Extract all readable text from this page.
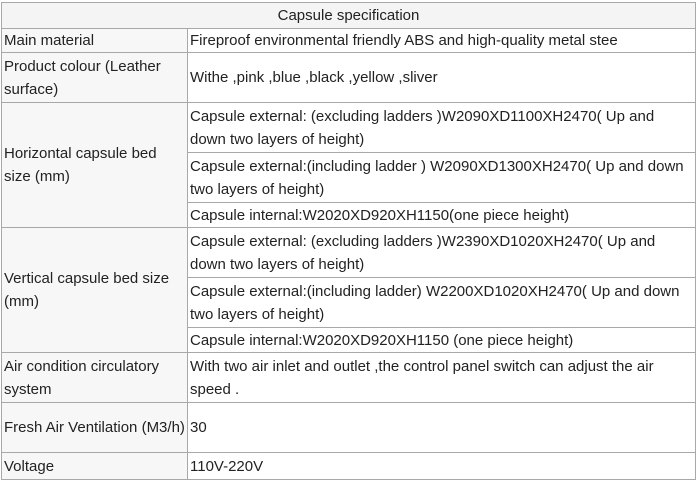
Capsule specification	
Main material	Fireproof environmental friendly ABS and high-quality metal stee
Product colour (Leather surface)	Withe ,pink ,blue ,black ,yellow ,sliver
Horizontal capsule bed size (mm)	Capsule external: (excluding ladders )W2090XD1100XH2470( Up and down two layers of height)
	Capsule external:(including ladder ) W2090XD1300XH2470( Up and down two layers of height)
	Capsule internal:W2020XD920XH1150(one piece height)
Vertical capsule bed size (mm)	Capsule external: (excluding ladders )W2390XD1020XH2470( Up and down two layers of height)
	Capsule external:(including ladder) W2200XD1020XH2470( Up and down two layers of height)
	Capsule internal:W2020XD920XH1150 (one piece height)
Air condition circulatory system	With two air inlet and outlet ,the control panel switch can adjust the air speed .
Fresh Air Ventilation (M3/h)	30
Voltage	110V-220V
